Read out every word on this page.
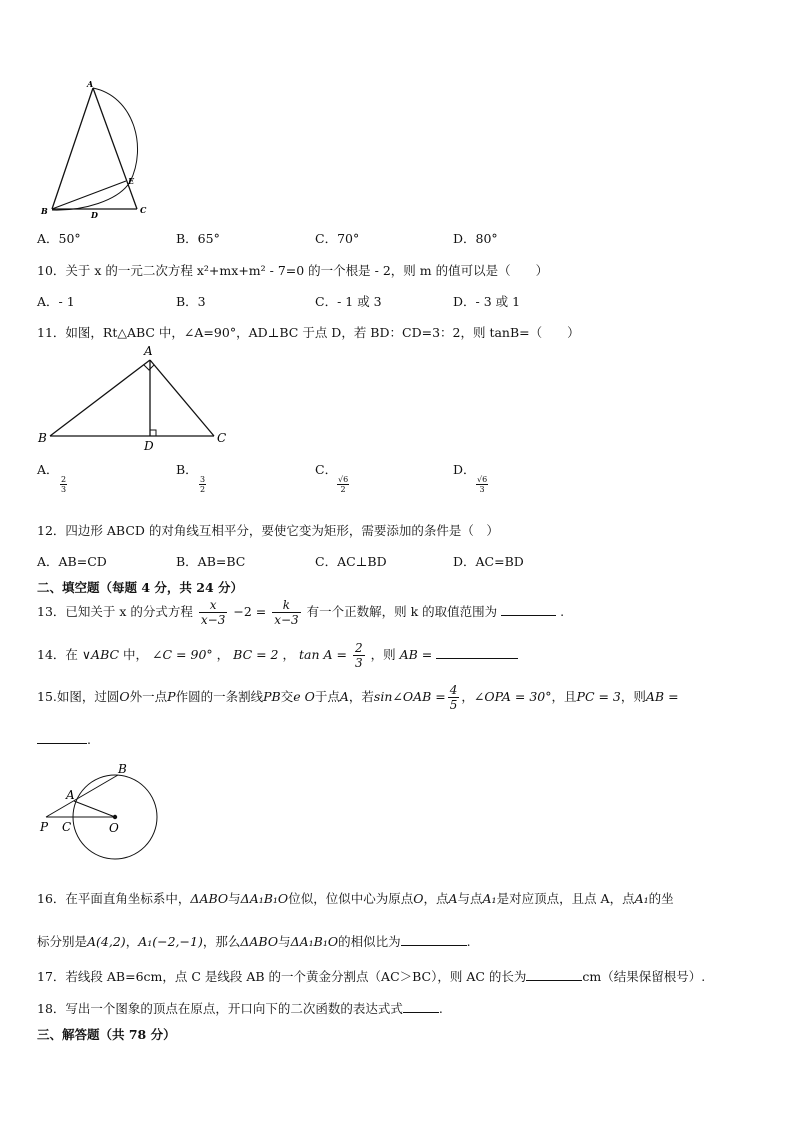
A
E
B	D	C
A．50°	B．65°	C．70°	D．80°
10．关于 x 的一元二次方程 x²+mx+m² - 7=0 的一个根是 - 2，则 m 的值可以是（　　）
A．- 1	B．3	C．- 1 或 3	D．- 3 或 1
11．如图，Rt△ABC 中，∠A=90°，AD⊥BC 于点 D，若 BD：CD=3：2，则 tanB=（　　）
A
B
D
C
A．	B．	C．	D．
$\frac{2}{3}$	$\frac{3}{2}$	$\frac{√6}{2}$	$\frac{√6}{3}$
12．四边形 ABCD 的对角线互相平分，要使它变为矩形，需要添加的条件是（　）
A．AB=CD	B．AB=BC	C．AC⊥BD	D．AC=BD
二、填空题（每题 4 分，共 24 分）
13．已知关于 x 的分式方程 $\frac{x}{x-3} -2 = \frac{k}{x-3}$ 有一个正数解，则 k 的取值范围为	.
14．在 ∨ABC 中， ∠C = 90° ， BC = 2 ， $\tan A = \frac{2}{3}$ ，则 AB =
15.如图，过圆O外一点P作圆的一条割线PB交e O于点A，若sin∠OAB = $\frac{4}{5}$ ，∠OPA = 30°，且PC = 3，则AB =
.
B
A
P C	O
16．在平面直角坐标系中，ΔABO与ΔA₁B₁O位似，位似中心为原点O，点A与点A₁是对应顶点，且点 A，点A₁的坐
标分别是A(4,2)，A₁(−2,−1)，那么ΔABO与ΔA₁B₁O的相似比为	.
17．若线段 AB=6cm，点 C 是线段 AB 的一个黄金分割点（AC＞BC），则 AC 的长为	cm（结果保留根号）.
18．写出一个图象的顶点在原点，开口向下的二次函数的表达式式	.
三、解答题（共 78 分）
